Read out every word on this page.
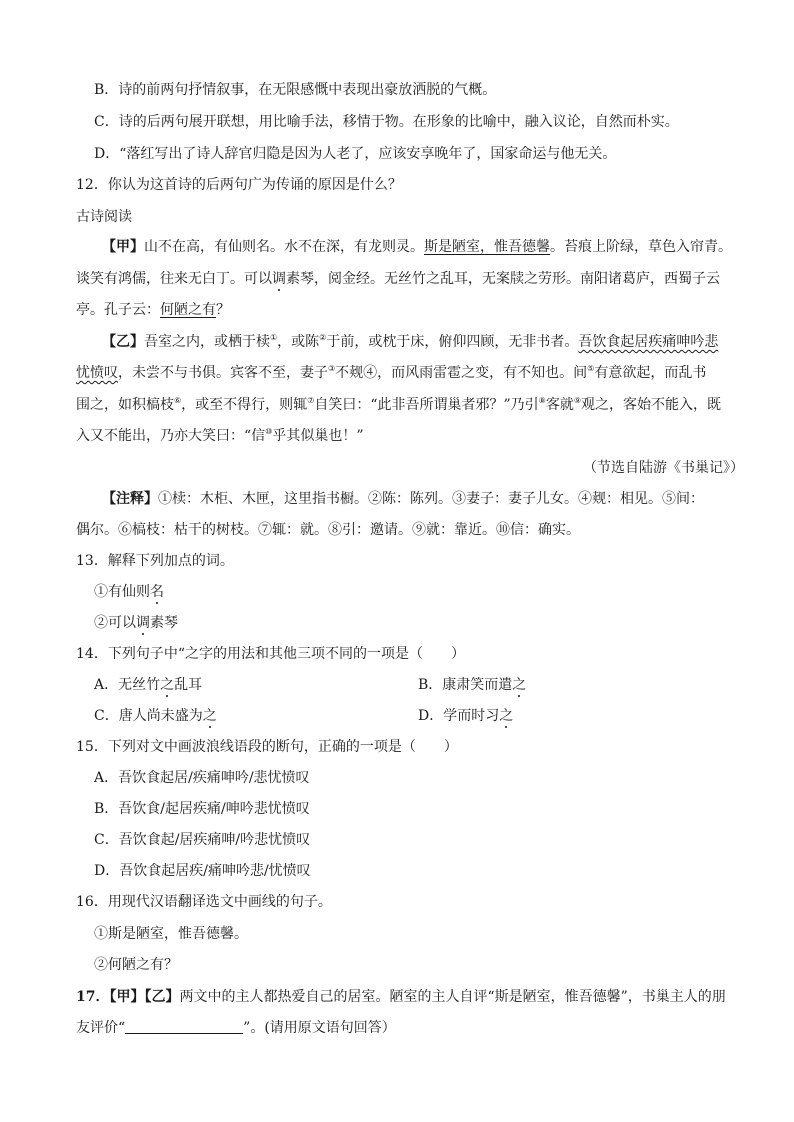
B．诗的前两句抒情叙事，在无限感慨中表现出豪放洒脱的气概。
C．诗的后两句展开联想，用比喻手法，移情于物。在形象的比喻中，融入议论，自然而朴实。
D．“落红写出了诗人辞官归隐是因为人老了，应该安享晚年了，国家命运与他无关。
12．你认为这首诗的后两句广为传诵的原因是什么？
古诗阅读
【甲】山不在高，有仙则名。水不在深，有龙则灵。斯是陋室，惟吾德馨。苔痕上阶绿，草色入帘青。
谈笑有鸿儒，往来无白丁。可以调素琴，阅金经。无丝竹之乱耳，无案牍之劳形。南阳诸葛庐，西蜀子云
亭。孔子云：何陋之有？
【乙】吾室之内，或栖于椟①，或陈②于前，或枕于床，俯仰四顾，无非书者。吾饮食起居疾痛呻吟悲
忧愤叹，未尝不与书俱。宾客不至，妻子③不觌④，而风雨雷雹之变，有不知也。间⑤有意欲起，而乱书
围之，如积槁枝⑥，或至不得行，则辄⑦自笑曰：“此非吾所谓巢者邪？”乃引⑧客就⑨观之，客始不能入，既
入又不能出，乃亦大笑曰：“信⑩乎其似巢也！”
（节选自陆游《书巢记》）
【注释】①椟：木柜、木匣，这里指书橱。②陈：陈列。③妻子：妻子儿女。④觌：相见。⑤间：
偶尔。⑥槁枝：枯干的树枝。⑦辄：就。⑧引：邀请。⑨就：靠近。⑩信：确实。
13．解释下列加点的词。
①有仙则名
②可以调素琴
14．下列句子中“之字的用法和其他三项不同的一项是（　　）
A．无丝竹之乱耳	B．康肃笑而遣之
C．唐人尚未盛为之	D．学而时习之
15．下列对文中画波浪线语段的断句，正确的一项是（　　）
A．吾饮食起居/疾痛呻吟/悲忧愤叹
B．吾饮食/起居疾痛/呻吟悲忧愤叹
C．吾饮食起/居疾痛呻/吟悲忧愤叹
D．吾饮食起居疾/痛呻吟悲/忧愤叹
16．用现代汉语翻译选文中画线的句子。
①斯是陋室，惟吾德馨。
②何陋之有？
17．【甲】【乙】两文中的主人都热爱自己的居室。陋室的主人自评“斯是陋室，惟吾德馨”，书巢主人的朋
友评价“	”。(请用原文语句回答）
